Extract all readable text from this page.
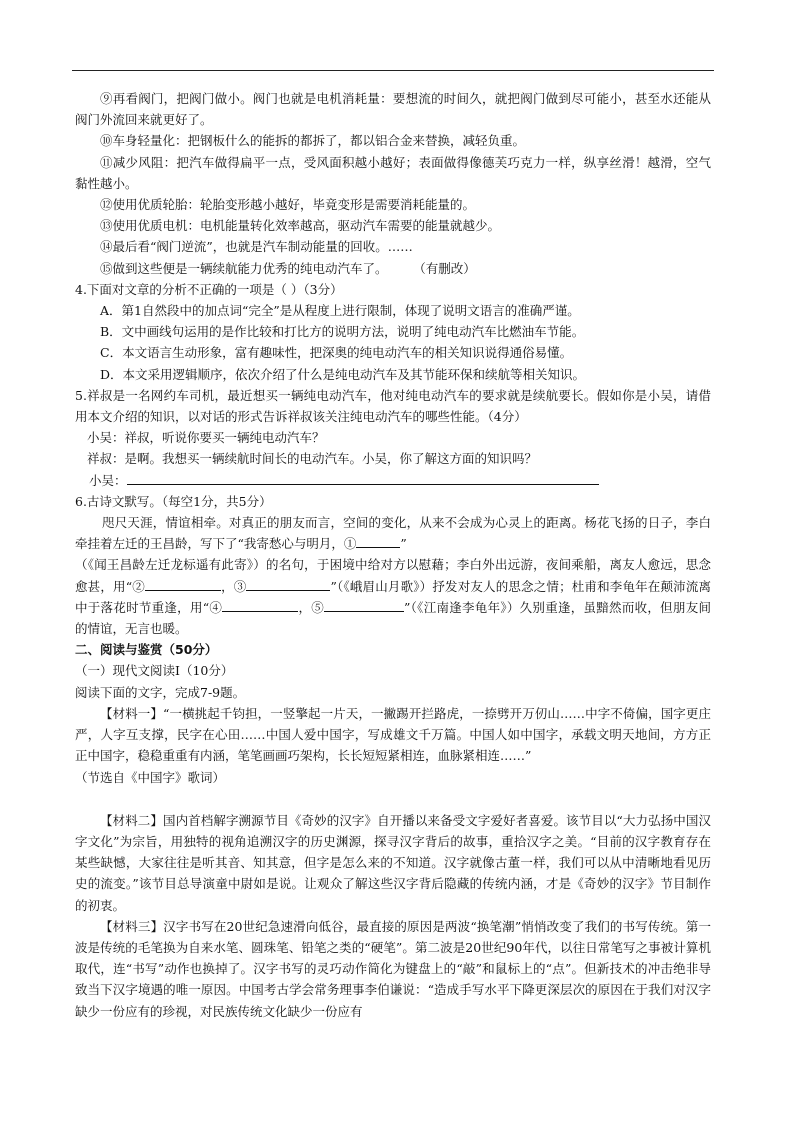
⑨再看阀门，把阀门做小。阀门也就是电机消耗量：要想流的时间久，就把阀门做到尽可能小，甚至水还能从阀门外流回来就更好了。

⑩车身轻量化：把钢板什么的能拆的都拆了，都以铝合金来替换，减轻负重。

⑪减少风阻：把汽车做得扁平一点，受风面积越小越好；表面做得像德芙巧克力一样，纵享丝滑！越滑，空气黏性越小。

⑫使用优质轮胎：轮胎变形越小越好，毕竟变形是需要消耗能量的。

⑬使用优质电机：电机能量转化效率越高，驱动汽车需要的能量就越少。

⑭最后看“阀门逆流”，也就是汽车制动能量的回收。……

⑮做到这些便是一辆续航能力优秀的纯电动汽车了。	（有删改）

4.下面对文章的分析不正确的一项是（ ）（3分）

A．第1自然段中的加点词“完全”是从程度上进行限制，体现了说明文语言的准确严谨。

B．文中画线句运用的是作比较和打比方的说明方法，说明了纯电动汽车比燃油车节能。

C．本文语言生动形象，富有趣味性，把深奥的纯电动汽车的相关知识说得通俗易懂。

D．本文采用逻辑顺序，依次介绍了什么是纯电动汽车及其节能环保和续航等相关知识。

5.祥叔是一名网约车司机，最近想买一辆纯电动汽车，他对纯电动汽车的要求就是续航要长。假如你是小吴，请借用本文介绍的知识，以对话的形式告诉祥叔该关注纯电动汽车的哪些性能。（4分）

小吴：祥叔，听说你要买一辆纯电动汽车？

祥叔：是啊。我想买一辆续航时间长的电动汽车。小吴，你了解这方面的知识吗？

小吴：

6.古诗文默写。（每空1分，共5分）

咫尺天涯，情谊相牵。对真正的朋友而言，空间的变化，从来不会成为心灵上的距离。杨花飞扬的日子，李白牵挂着左迁的王昌龄，写下了“我寄愁心与明月，①	”

（《闻王昌龄左迁龙标遥有此寄》）的名句，于困境中给对方以慰藉；李白外出远游，夜间乘船，离友人愈远，思念愈甚，用“②	，③	”（《峨眉山月歌》）抒发对友人的思念之情；杜甫和李龟年在颠沛流离中于落花时节重逢，用“④	，⑤	”（《江南逢李龟年》）久别重逢，虽黯然而收，但朋友间的情谊，无言也暖。

二、阅读与鉴赏（50分）

（一）现代文阅读Ⅰ（10分）

阅读下面的文字，完成7-9题。

【材料一】“一横挑起千钧担，一竖擎起一片天，一撇踢开拦路虎，一捺劈开万仞山……中字不倚偏，国字更庄严，人字互支撑，民字在心田……中国人爱中国字，写成雄文千万篇。中国人如中国字，承载文明天地间，方方正正中国字，稳稳重重有内涵，笔笔画画巧架构，长长短短紧相连，血脉紧相连……”

（节选自《中国字》歌词）

【材料二】国内首档解字溯源节目《奇妙的汉字》自开播以来备受文字爱好者喜爱。该节目以“大力弘扬中国汉字文化”为宗旨，用独特的视角追溯汉字的历史渊源，探寻汉字背后的故事，重拾汉字之美。“目前的汉字教育存在某些缺憾，大家往往是听其音、知其意，但字是怎么来的不知道。汉字就像古董一样，我们可以从中清晰地看见历史的流变。”该节目总导演童中尉如是说。让观众了解这些汉字背后隐藏的传统内涵，才是《奇妙的汉字》节目制作的初衷。

【材料三】汉字书写在20世纪急速滑向低谷，最直接的原因是两波“换笔潮”悄悄改变了我们的书写传统。第一波是传统的毛笔换为自来水笔、圆珠笔、铅笔之类的“硬笔”。第二波是20世纪90年代，以往日常笔写之事被计算机取代，连“书写”动作也换掉了。汉字书写的灵巧动作简化为键盘上的“敲”和鼠标上的“点”。但新技术的冲击绝非导致当下汉字境遇的唯一原因。中国考古学会常务理事李伯谦说：“造成手写水平下降更深层次的原因在于我们对汉字缺少一份应有的珍视，对民族传统文化缺少一份应有
